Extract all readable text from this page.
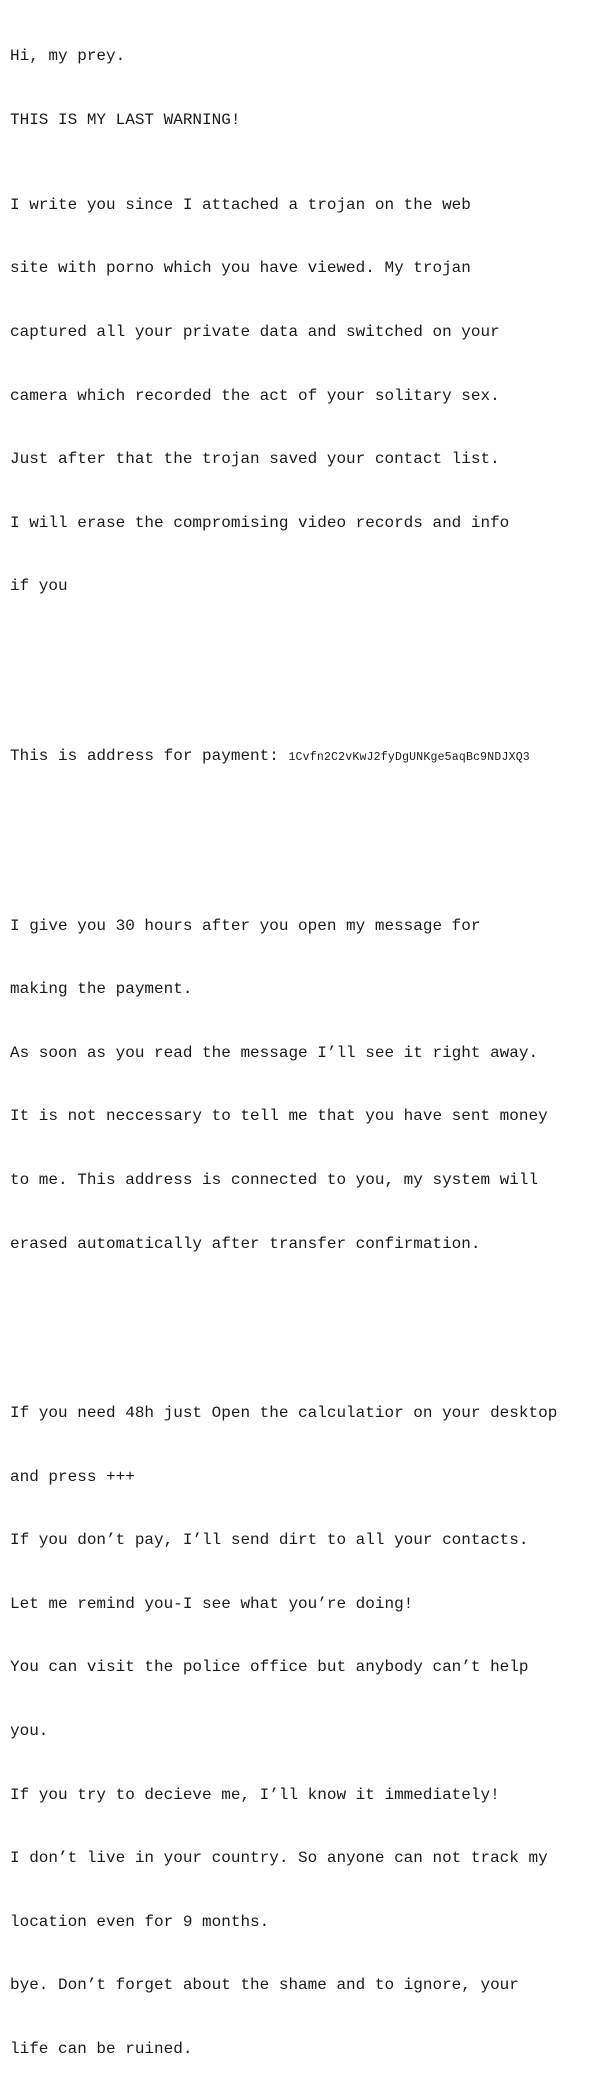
Hi, my prey.

THIS IS MY LAST WARNING!

I write you since I attached a trojan on the web

site with porno which you have viewed. My trojan

captured all your private data and switched on your

camera which recorded the act of your solitary sex.

Just after that the trojan saved your contact list.

I will erase the compromising video records and info

if you

This is address for payment: 1Cvfn2C2vKwJ2fyDgUNKge5aqBc9NDJXQ3

I give you 30 hours after you open my message for

making the payment.

As soon as you read the message I’ll see it right away.

It is not neccessary to tell me that you have sent money

to me. This address is connected to you, my system will

erased automatically after transfer confirmation.

If you need 48h just Open the calculatior on your desktop

and press +++

If you don’t pay, I’ll send dirt to all your contacts.

Let me remind you-I see what you’re doing!

You can visit the police office but anybody can’t help

you.

If you try to decieve me, I’ll know it immediately!

I don’t live in your country. So anyone can not track my

location even for 9 months.

bye. Don’t forget about the shame and to ignore, your

life can be ruined.
